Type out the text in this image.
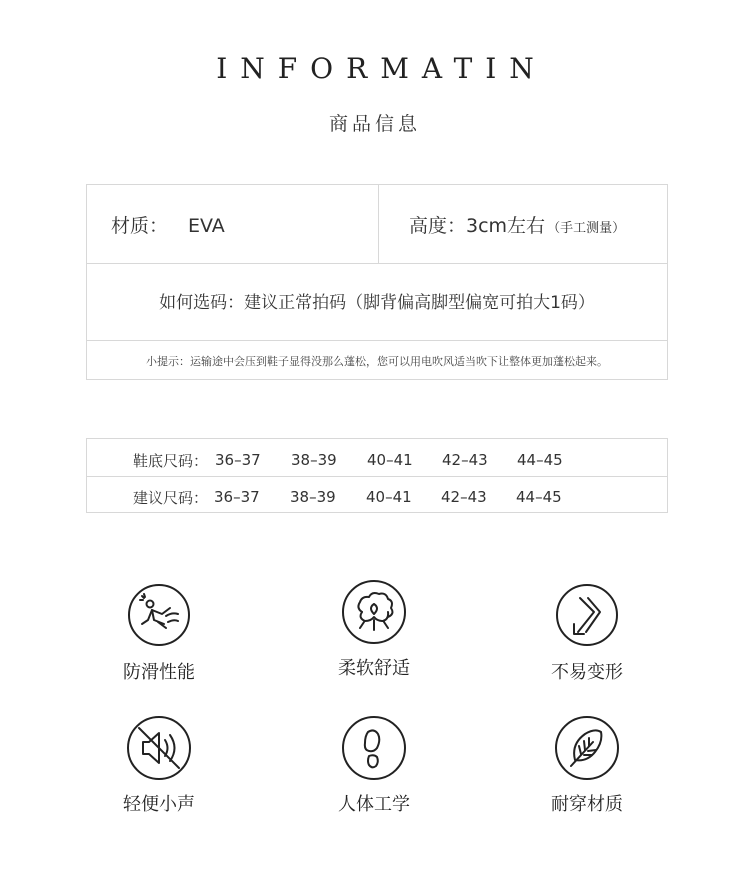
INFORMATIN
商品信息
材质： EVA	高度：3cm左右 （手工测量）
如何选码：建议正常拍码（脚背偏高脚型偏宽可拍大1码）
小提示：运输途中会压到鞋子显得没那么蓬松，您可以用电吹风适当吹下让整体更加蓬松起来。
鞋底尺码： 36–37 38–39 40–41 42–43 44–45
建议尺码： 36–37 38–39 40–41 42–43 44–45
防滑性能	柔软舒适	不易变形
轻便小声	人体工学	耐穿材质
